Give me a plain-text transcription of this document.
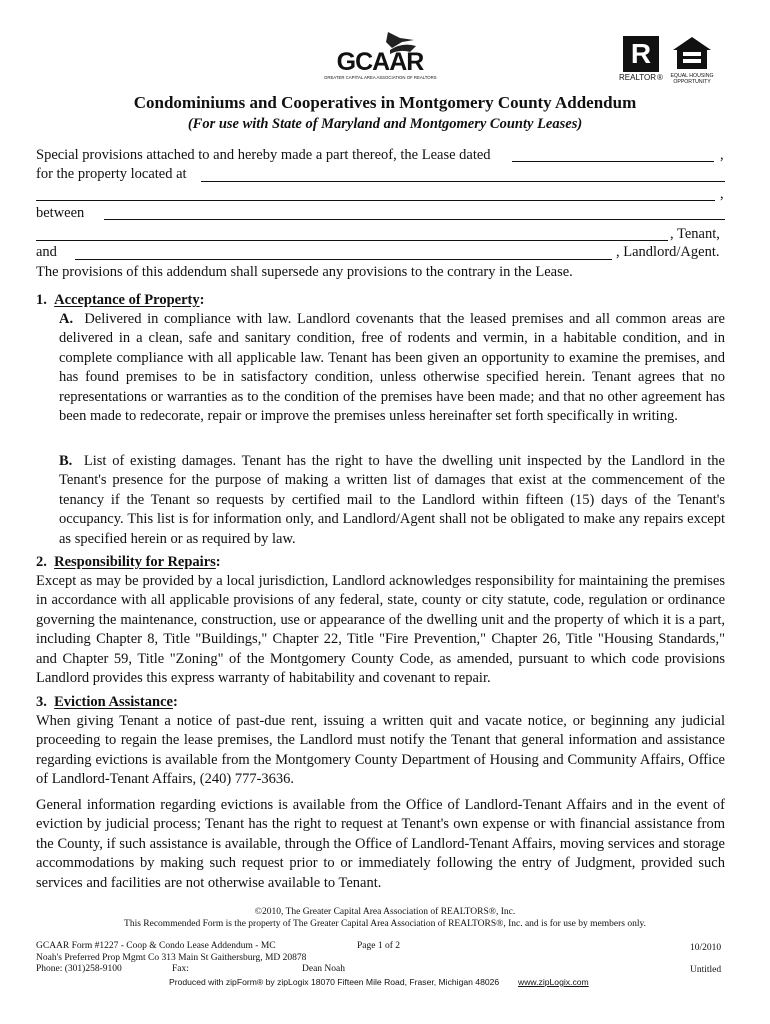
GCAAR
GREATER CAPITAL AREA ASSOCIATION OF REALTORS
R
REALTOR®	EQUAL HOUSING
OPPORTUNITY
Condominiums and Cooperatives in Montgomery County Addendum
(For use with State of Maryland and Montgomery County Leases)
Special provisions attached to and hereby made a part thereof, the Lease dated	,
for the property located at
,
between
, Tenant,
and	, Landlord/Agent.
The provisions of this addendum shall supersede any provisions to the contrary in the Lease.
1. Acceptance of Property:
A. Delivered in compliance with law. Landlord covenants that the leased premises and all common areas are delivered in a clean, safe and sanitary condition, free of rodents and vermin, in a habitable condition, and in complete compliance with all applicable law. Tenant has been given an opportunity to examine the premises, and has found premises to be in satisfactory condition, unless otherwise specified herein. Tenant agrees that no representations or warranties as to the condition of the premises have been made; and that no other agreement has been made to redecorate, repair or improve the premises unless hereinafter set forth specifically in writing.
B. List of existing damages. Tenant has the right to have the dwelling unit inspected by the Landlord in the Tenant's presence for the purpose of making a written list of damages that exist at the commencement of the tenancy if the Tenant so requests by certified mail to the Landlord within fifteen (15) days of the Tenant's occupancy. This list is for information only, and Landlord/Agent shall not be obligated to make any repairs except as specified herein or as required by law.
2. Responsibility for Repairs:
Except as may be provided by a local jurisdiction, Landlord acknowledges responsibility for maintaining the premises in accordance with all applicable provisions of any federal, state, county or city statute, code, regulation or ordinance governing the maintenance, construction, use or appearance of the dwelling unit and the property of which it is a part, including Chapter 8, Title "Buildings," Chapter 22, Title "Fire Prevention," Chapter 26, Title "Housing Standards," and Chapter 59, Title "Zoning" of the Montgomery County Code, as amended, pursuant to which code provisions Landlord provides this express warranty of habitability and covenant to repair.
3. Eviction Assistance:
When giving Tenant a notice of past-due rent, issuing a written quit and vacate notice, or beginning any judicial proceeding to regain the lease premises, the Landlord must notify the Tenant that general information and assistance regarding evictions is available from the Montgomery County Department of Housing and Community Affairs, Office of Landlord-Tenant Affairs, (240) 777-3636.
General information regarding evictions is available from the Office of Landlord-Tenant Affairs and in the event of eviction by judicial process; Tenant has the right to request at Tenant's own expense or with financial assistance from the County, if such assistance is available, through the Office of Landlord-Tenant Affairs, moving services and storage accommodations by making such request prior to or immediately following the entry of Judgment, provided such services and facilities are not otherwise available to Tenant.
©2010, The Greater Capital Area Association of REALTORS®, Inc.
This Recommended Form is the property of The Greater Capital Area Association of REALTORS®, Inc. and is for use by members only.
GCAAR Form #1227 - Coop & Condo Lease Addendum - MC	Page 1 of 2	10/2010
Noah's Preferred Prop Mgmt Co 313 Main St Gaithersburg, MD 20878
Phone: (301)258-9100	Fax:	Dean Noah	Untitled
Produced with zipForm® by zipLogix 18070 Fifteen Mile Road, Fraser, Michigan 48026 www.zipLogix.com
